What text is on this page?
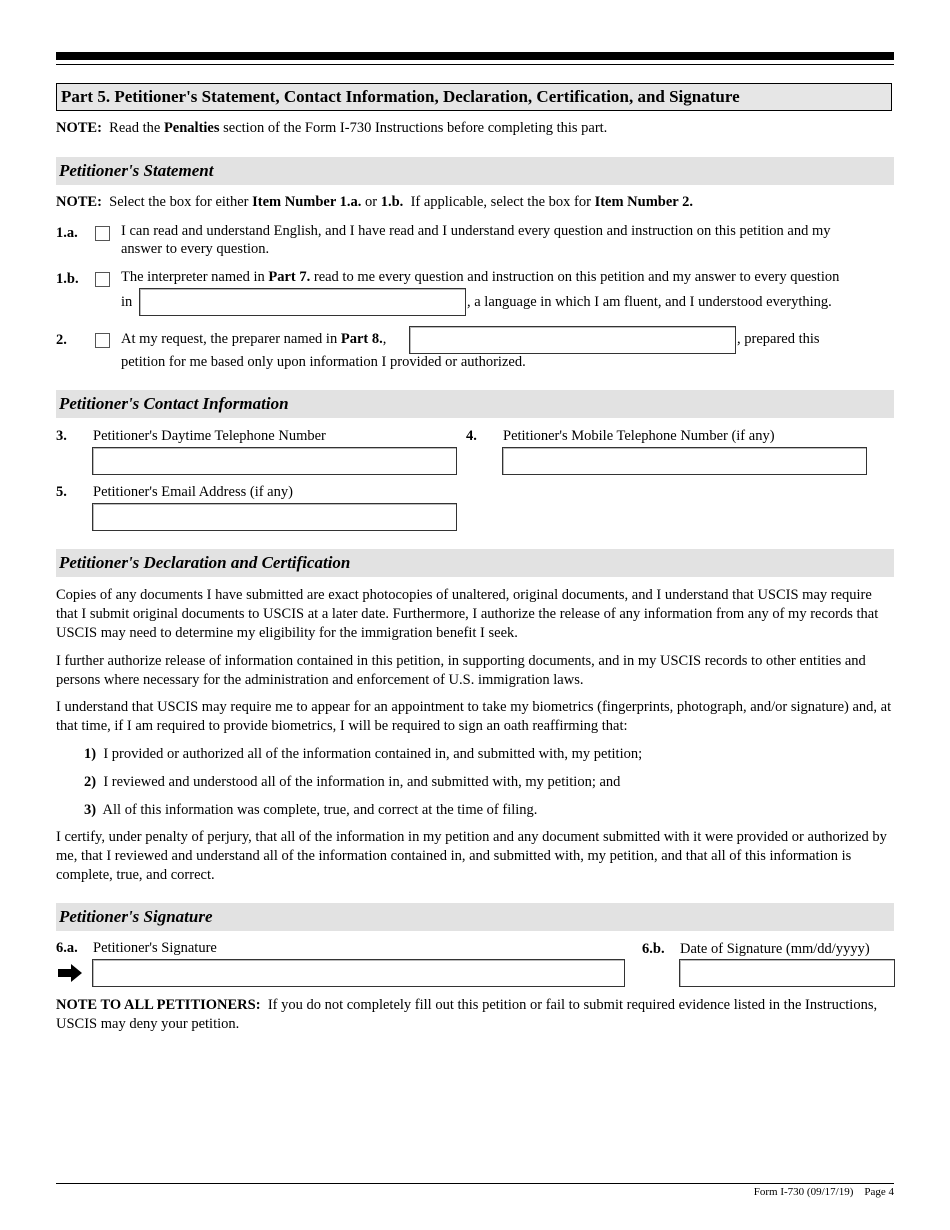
Part 5. Petitioner's Statement, Contact Information, Declaration, Certification, and Signature
NOTE: Read the Penalties section of the Form I-730 Instructions before completing this part.
Petitioner's Statement
NOTE: Select the box for either Item Number 1.a. or 1.b. If applicable, select the box for Item Number 2.
1.a.	I can read and understand English, and I have read and I understand every question and instruction on this petition and my
answer to every question.
1.b.	The interpreter named in Part 7. read to me every question and instruction on this petition and my answer to every question
in	, a language in which I am fluent, and I understood everything.
2.	At my request, the preparer named in Part 8.,	, prepared this
petition for me based only upon information I provided or authorized.
Petitioner's Contact Information
3. Petitioner's Daytime Telephone Number	4. Petitioner's Mobile Telephone Number (if any)
5. Petitioner's Email Address (if any)
Petitioner's Declaration and Certification
Copies of any documents I have submitted are exact photocopies of unaltered, original documents, and I understand that USCIS may require that I submit original documents to USCIS at a later date. Furthermore, I authorize the release of any information from any of my records that USCIS may need to determine my eligibility for the immigration benefit I seek.
I further authorize release of information contained in this petition, in supporting documents, and in my USCIS records to other entities and persons where necessary for the administration and enforcement of U.S. immigration laws.
I understand that USCIS may require me to appear for an appointment to take my biometrics (fingerprints, photograph, and/or signature) and, at that time, if I am required to provide biometrics, I will be required to sign an oath reaffirming that:
1) I provided or authorized all of the information contained in, and submitted with, my petition;
2) I reviewed and understood all of the information in, and submitted with, my petition; and
3) All of this information was complete, true, and correct at the time of filing.
I certify, under penalty of perjury, that all of the information in my petition and any document submitted with it were provided or authorized by me, that I reviewed and understand all of the information contained in, and submitted with, my petition, and that all of this information is complete, true, and correct.
Petitioner's Signature
6.a. Petitioner's Signature	6.b. Date of Signature (mm/dd/yyyy)
NOTE TO ALL PETITIONERS: If you do not completely fill out this petition or fail to submit required evidence listed in the Instructions, USCIS may deny your petition.
Form I-730 (09/17/19) Page 4
